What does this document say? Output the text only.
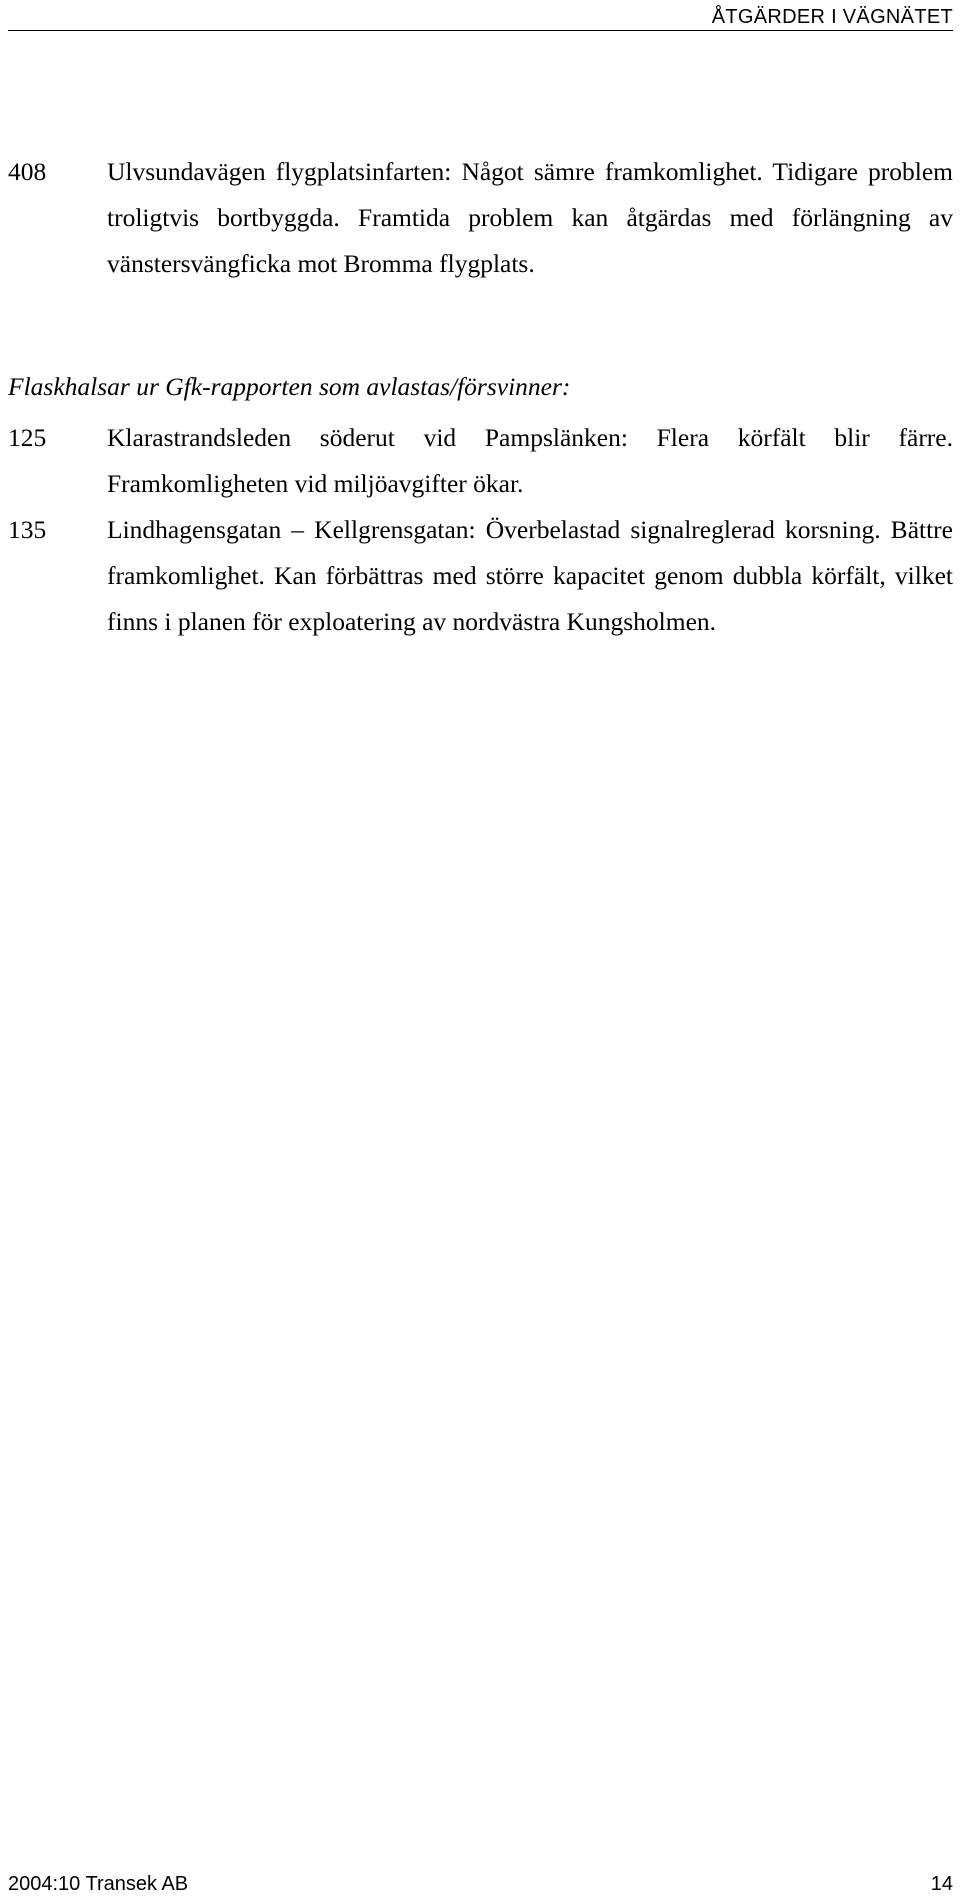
ÅTGÄRDER I VÄGNÄTET
408 Ulvsundavägen flygplatsinfarten: Något sämre framkomlighet. Tidigare problem troligtvis bortbyggda. Framtida problem kan åtgärdas med förlängning av vänstersvängficka mot Bromma flygplats.
Flaskhalsar ur Gfk-rapporten som avlastas/försvinner:
125 Klarastrandsleden söderut vid Pampslänken: Flera körfält blir färre. Framkomligheten vid miljöavgifter ökar.
135 Lindhagensgatan – Kellgrensgatan: Överbelastad signalreglerad korsning. Bättre framkomlighet. Kan förbättras med större kapacitet genom dubbla körfält, vilket finns i planen för exploatering av nordvästra Kungsholmen.
2004:10 Transek AB	14
